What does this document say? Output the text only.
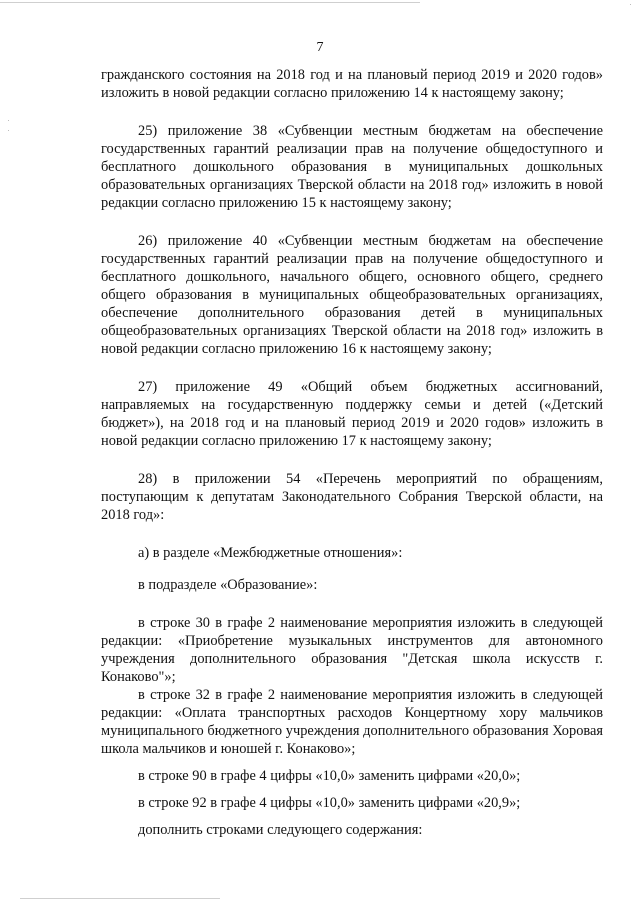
7

гражданского состояния на 2018 год и на плановый период 2019 и 2020 годов» изложить в новой редакции согласно приложению 14 к настоящему закону;

25) приложение 38 «Субвенции местным бюджетам на обеспечение государственных гарантий реализации прав на получение общедоступного и бесплатного дошкольного образования в муниципальных дошкольных образовательных организациях Тверской области на 2018 год» изложить в новой редакции согласно приложению 15 к настоящему закону;

26) приложение 40 «Субвенции местным бюджетам на обеспечение государственных гарантий реализации прав на получение общедоступного и бесплатного дошкольного, начального общего, основного общего, среднего общего образования в муниципальных общеобразовательных организациях, обеспечение дополнительного образования детей в муниципальных общеобразовательных организациях Тверской области на 2018 год» изложить в новой редакции согласно приложению 16 к настоящему закону;

27) приложение 49 «Общий объем бюджетных ассигнований, направляемых на государственную поддержку семьи и детей («Детский бюджет»), на 2018 год и на плановый период 2019 и 2020 годов» изложить в новой редакции согласно приложению 17 к настоящему закону;

28) в приложении 54 «Перечень мероприятий по обращениям, поступающим к депутатам Законодательного Собрания Тверской области, на 2018 год»:

а) в разделе «Межбюджетные отношения»:

в подразделе «Образование»:

в строке 30 в графе 2 наименование мероприятия изложить в следующей редакции: «Приобретение музыкальных инструментов для автономного учреждения дополнительного образования "Детская школа искусств г. Конаково"»;

в строке 32 в графе 2 наименование мероприятия изложить в следующей редакции: «Оплата транспортных расходов Концертному хору мальчиков муниципального бюджетного учреждения дополнительного образования Хоровая школа мальчиков и юношей г. Конаково»;

в строке 90 в графе 4 цифры «10,0» заменить цифрами «20,0»;

в строке 92 в графе 4 цифры «10,0» заменить цифрами «20,9»;

дополнить строками следующего содержания:
